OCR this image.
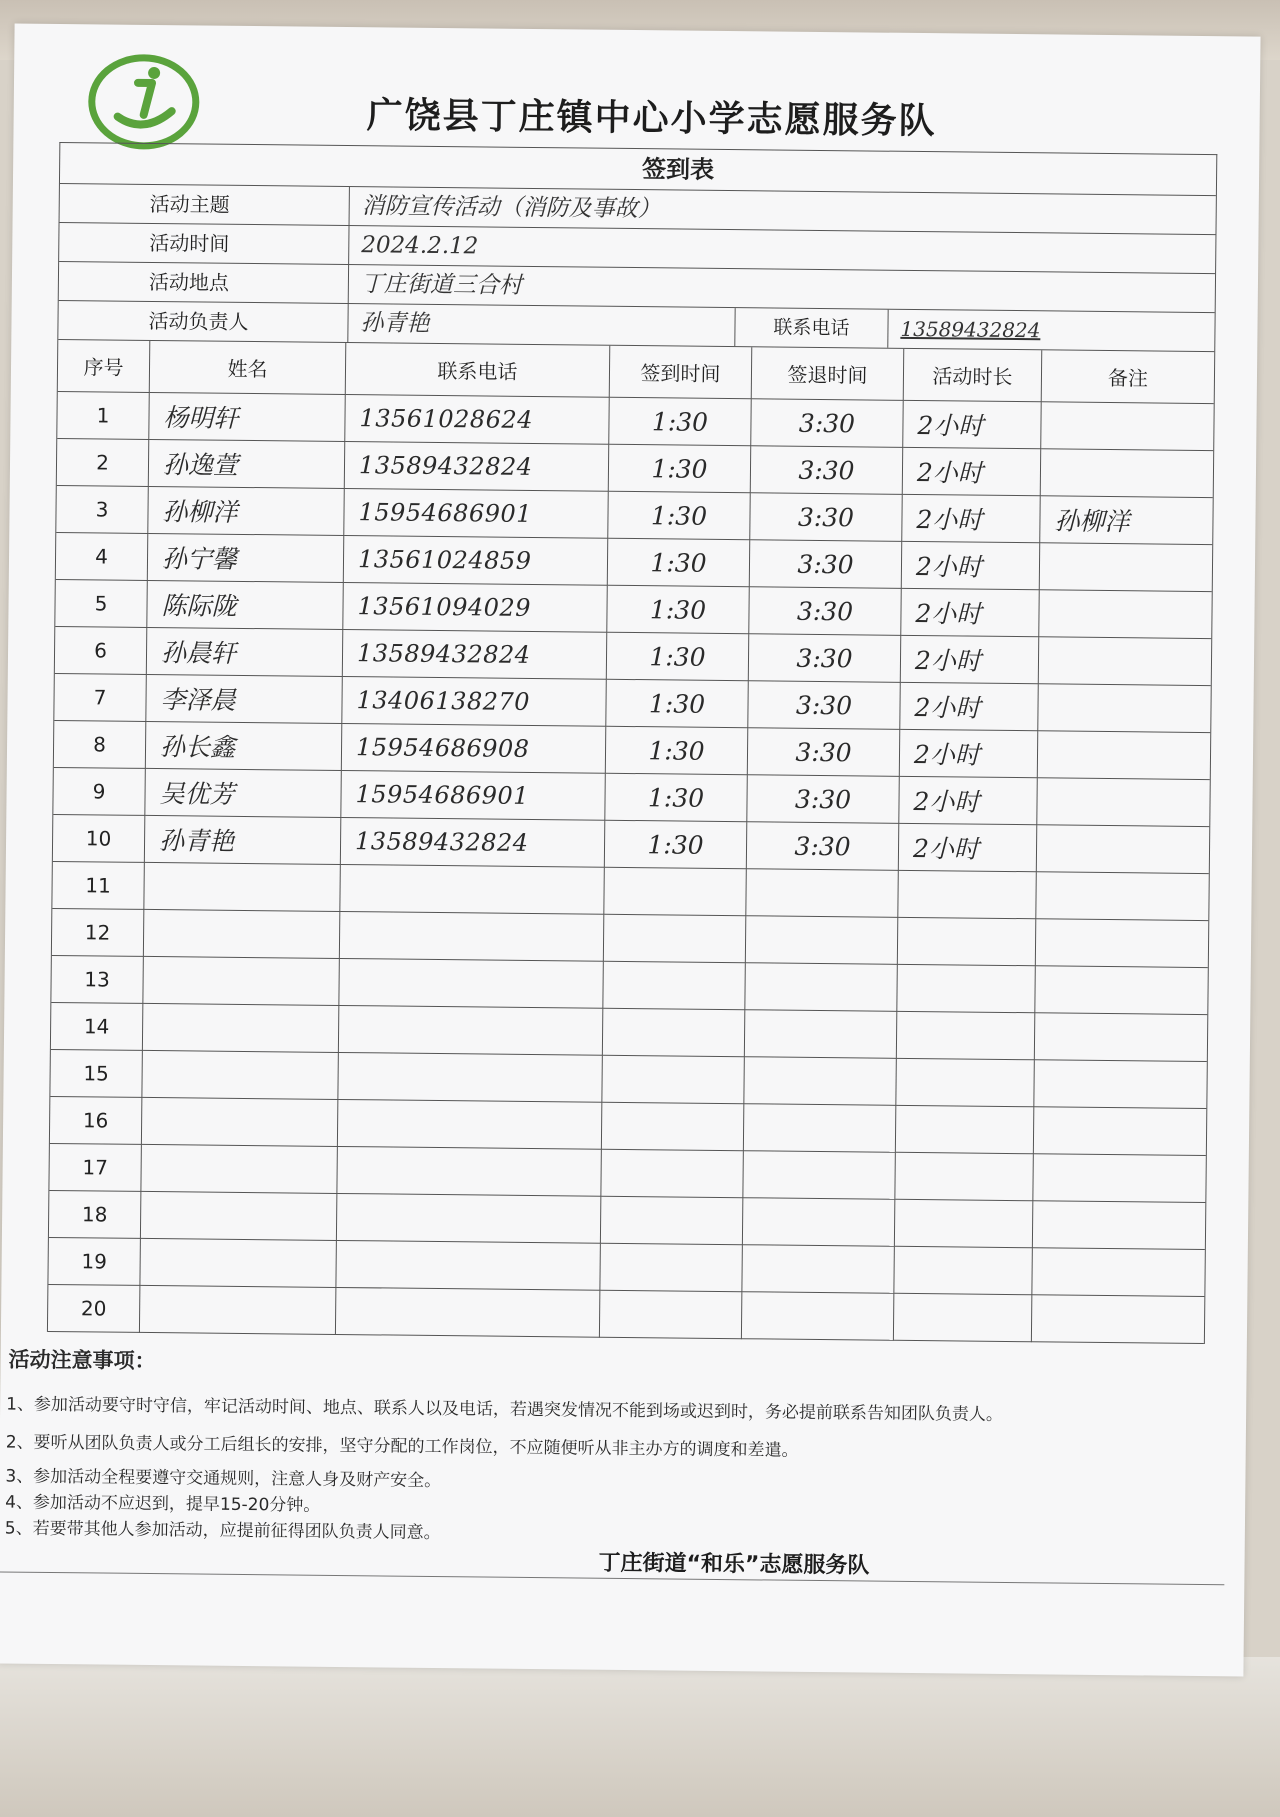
广饶县丁庄镇中心小学志愿服务队
签到表
活动主题	消防宣传活动（消防及事故）
活动时间	2024.2.12
活动地点	丁庄街道三合村
活动负责人	孙青艳	联系电话	13589432824
序号	姓名	联系电话	签到时间	签退时间	活动时长	备注
1	杨明轩	13561028624	1:30	3:30	2小时
2	孙逸萱	13589432824	1:30	3:30	2小时
3	孙柳洋	15954686901	1:30	3:30	2小时	孙柳洋
4	孙宁馨	13561024859	1:30	3:30	2小时
5	陈际陇	13561094029	1:30	3:30	2小时
6	孙晨轩	13589432824	1:30	3:30	2小时
7	李泽晨	13406138270	1:30	3:30	2小时
8	孙长鑫	15954686908	1:30	3:30	2小时
9	吴优芳	15954686901	1:30	3:30	2小时
10	孙青艳	13589432824	1:30	3:30	2小时
11
12
13
14
15
16
17
18
19
20
活动注意事项：
1、参加活动要守时守信，牢记活动时间、地点、联系人以及电话，若遇突发情况不能到场或迟到时，务必提前联系告知团队负责人。
2、要听从团队负责人或分工后组长的安排，坚守分配的工作岗位，不应随便听从非主办方的调度和差遣。
3、参加活动全程要遵守交通规则，注意人身及财产安全。
4、参加活动不应迟到，提早15-20分钟。
5、若要带其他人参加活动，应提前征得团队负责人同意。
丁庄街道“和乐”志愿服务队
